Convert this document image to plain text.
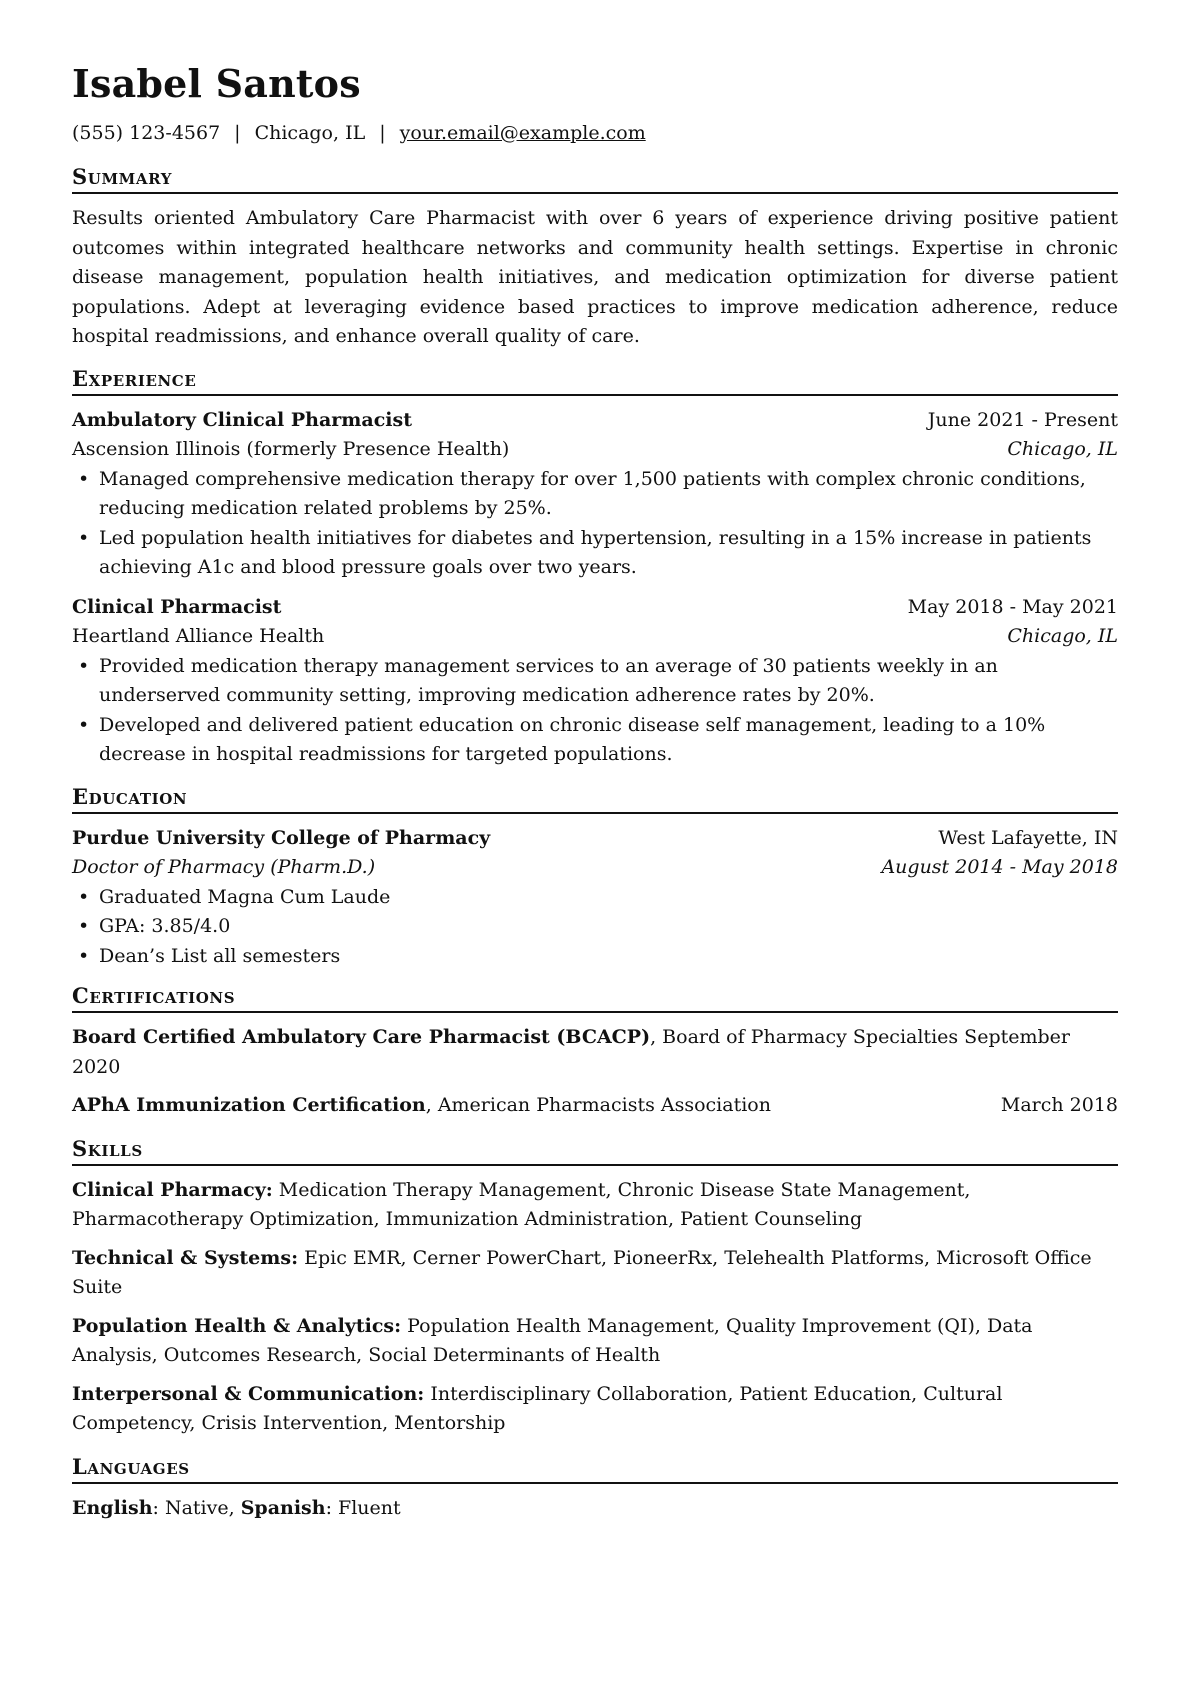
Isabel Santos
(555) 123-4567 | Chicago, IL | your.email@example.com
Summary
Results oriented Ambulatory Care Pharmacist with over 6 years of experience driving positive patient outcomes within integrated healthcare networks and community health settings. Expertise in chronic disease management, population health initiatives, and medication optimization for diverse patient populations. Adept at leveraging evidence based practices to improve medication adherence, reduce hospital readmissions, and enhance overall quality of care.
Experience
Ambulatory Clinical Pharmacist	June 2021 - Present
Ascension Illinois (formerly Presence Health)	Chicago, IL
• Managed comprehensive medication therapy for over 1,500 patients with complex chronic conditions, reducing medication related problems by 25%.
• Led population health initiatives for diabetes and hypertension, resulting in a 15% increase in patients achieving A1c and blood pressure goals over two years.
Clinical Pharmacist	May 2018 - May 2021
Heartland Alliance Health	Chicago, IL
• Provided medication therapy management services to an average of 30 patients weekly in an underserved community setting, improving medication adherence rates by 20%.
• Developed and delivered patient education on chronic disease self management, leading to a 10% decrease in hospital readmissions for targeted populations.
Education
Purdue University College of Pharmacy	West Lafayette, IN
Doctor of Pharmacy (Pharm.D.)	August 2014 - May 2018
• Graduated Magna Cum Laude
• GPA: 3.85/4.0
• Dean’s List all semesters
Certifications
Board Certified Ambulatory Care Pharmacist (BCACP), Board of Pharmacy Specialties September 2020
APhA Immunization Certification, American Pharmacists Association	March 2018
Skills
Clinical Pharmacy: Medication Therapy Management, Chronic Disease State Management, Pharmacotherapy Optimization, Immunization Administration, Patient Counseling
Technical & Systems: Epic EMR, Cerner PowerChart, PioneerRx, Telehealth Platforms, Microsoft Office Suite
Population Health & Analytics: Population Health Management, Quality Improvement (QI), Data Analysis, Outcomes Research, Social Determinants of Health
Interpersonal & Communication: Interdisciplinary Collaboration, Patient Education, Cultural Competency, Crisis Intervention, Mentorship
Languages
English: Native, Spanish: Fluent
